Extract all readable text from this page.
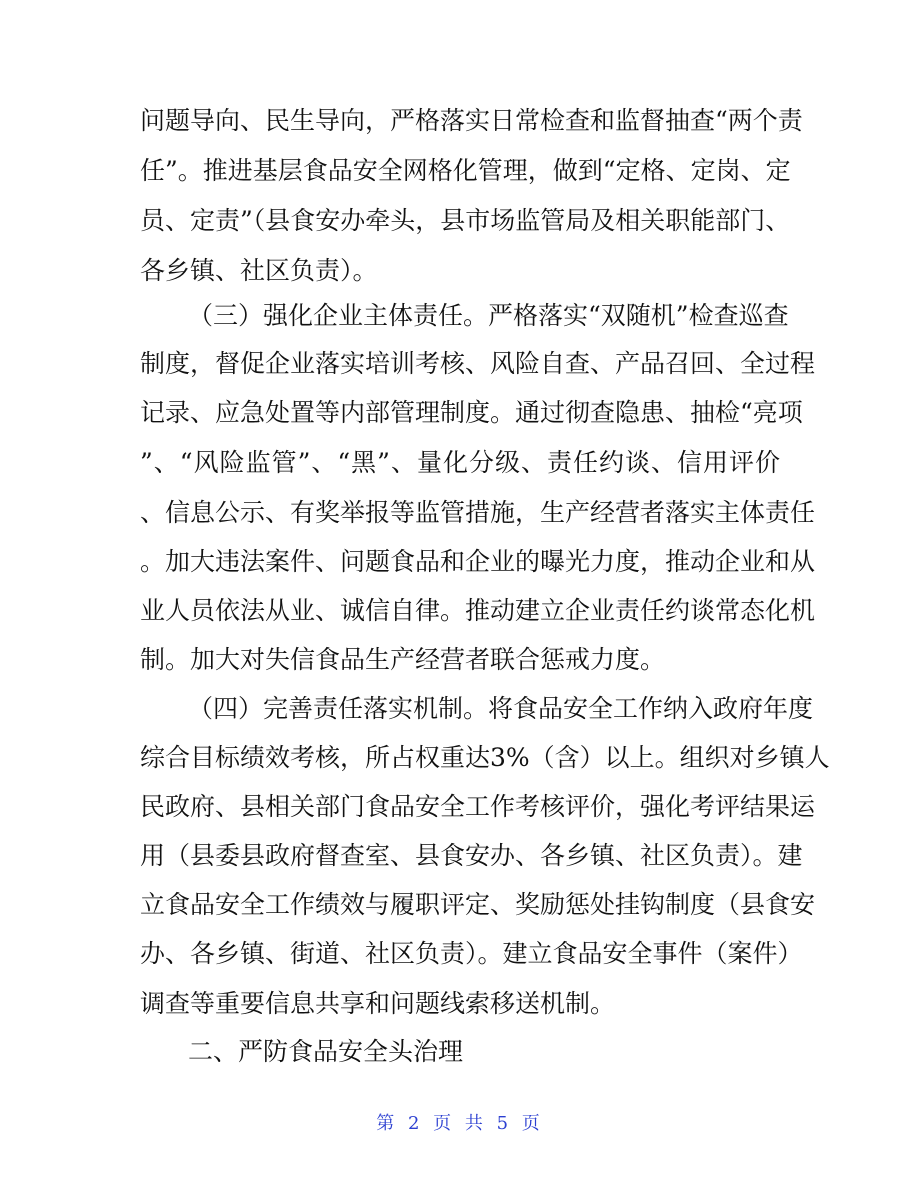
问题导向、民生导向，严格落实日常检查和监督抽查“两个责
任”。推进基层食品安全网格化管理，做到“定格、定岗、定
员、定责”（县食安办牵头，县市场监管局及相关职能部门、
各乡镇、社区负责）。
（三）强化企业主体责任。严格落实“双随机”检查巡查
制度，督促企业落实培训考核、风险自查、产品召回、全过程
记录、应急处置等内部管理制度。通过彻查隐患、抽检“亮项
”、“风险监管”、“黑”、量化分级、责任约谈、信用评价
、信息公示、有奖举报等监管措施，生产经营者落实主体责任
。加大违法案件、问题食品和企业的曝光力度，推动企业和从
业人员依法从业、诚信自律。推动建立企业责任约谈常态化机
制。加大对失信食品生产经营者联合惩戒力度。
（四）完善责任落实机制。将食品安全工作纳入政府年度
综合目标绩效考核，所占权重达3%（含）以上。组织对乡镇人
民政府、县相关部门食品安全工作考核评价，强化考评结果运
用（县委县政府督查室、县食安办、各乡镇、社区负责）。建
立食品安全工作绩效与履职评定、奖励惩处挂钩制度（县食安
办、各乡镇、街道、社区负责）。建立食品安全事件（案件）
调查等重要信息共享和问题线索移送机制。
二、严防食品安全头治理
第 2 页 共 5 页
